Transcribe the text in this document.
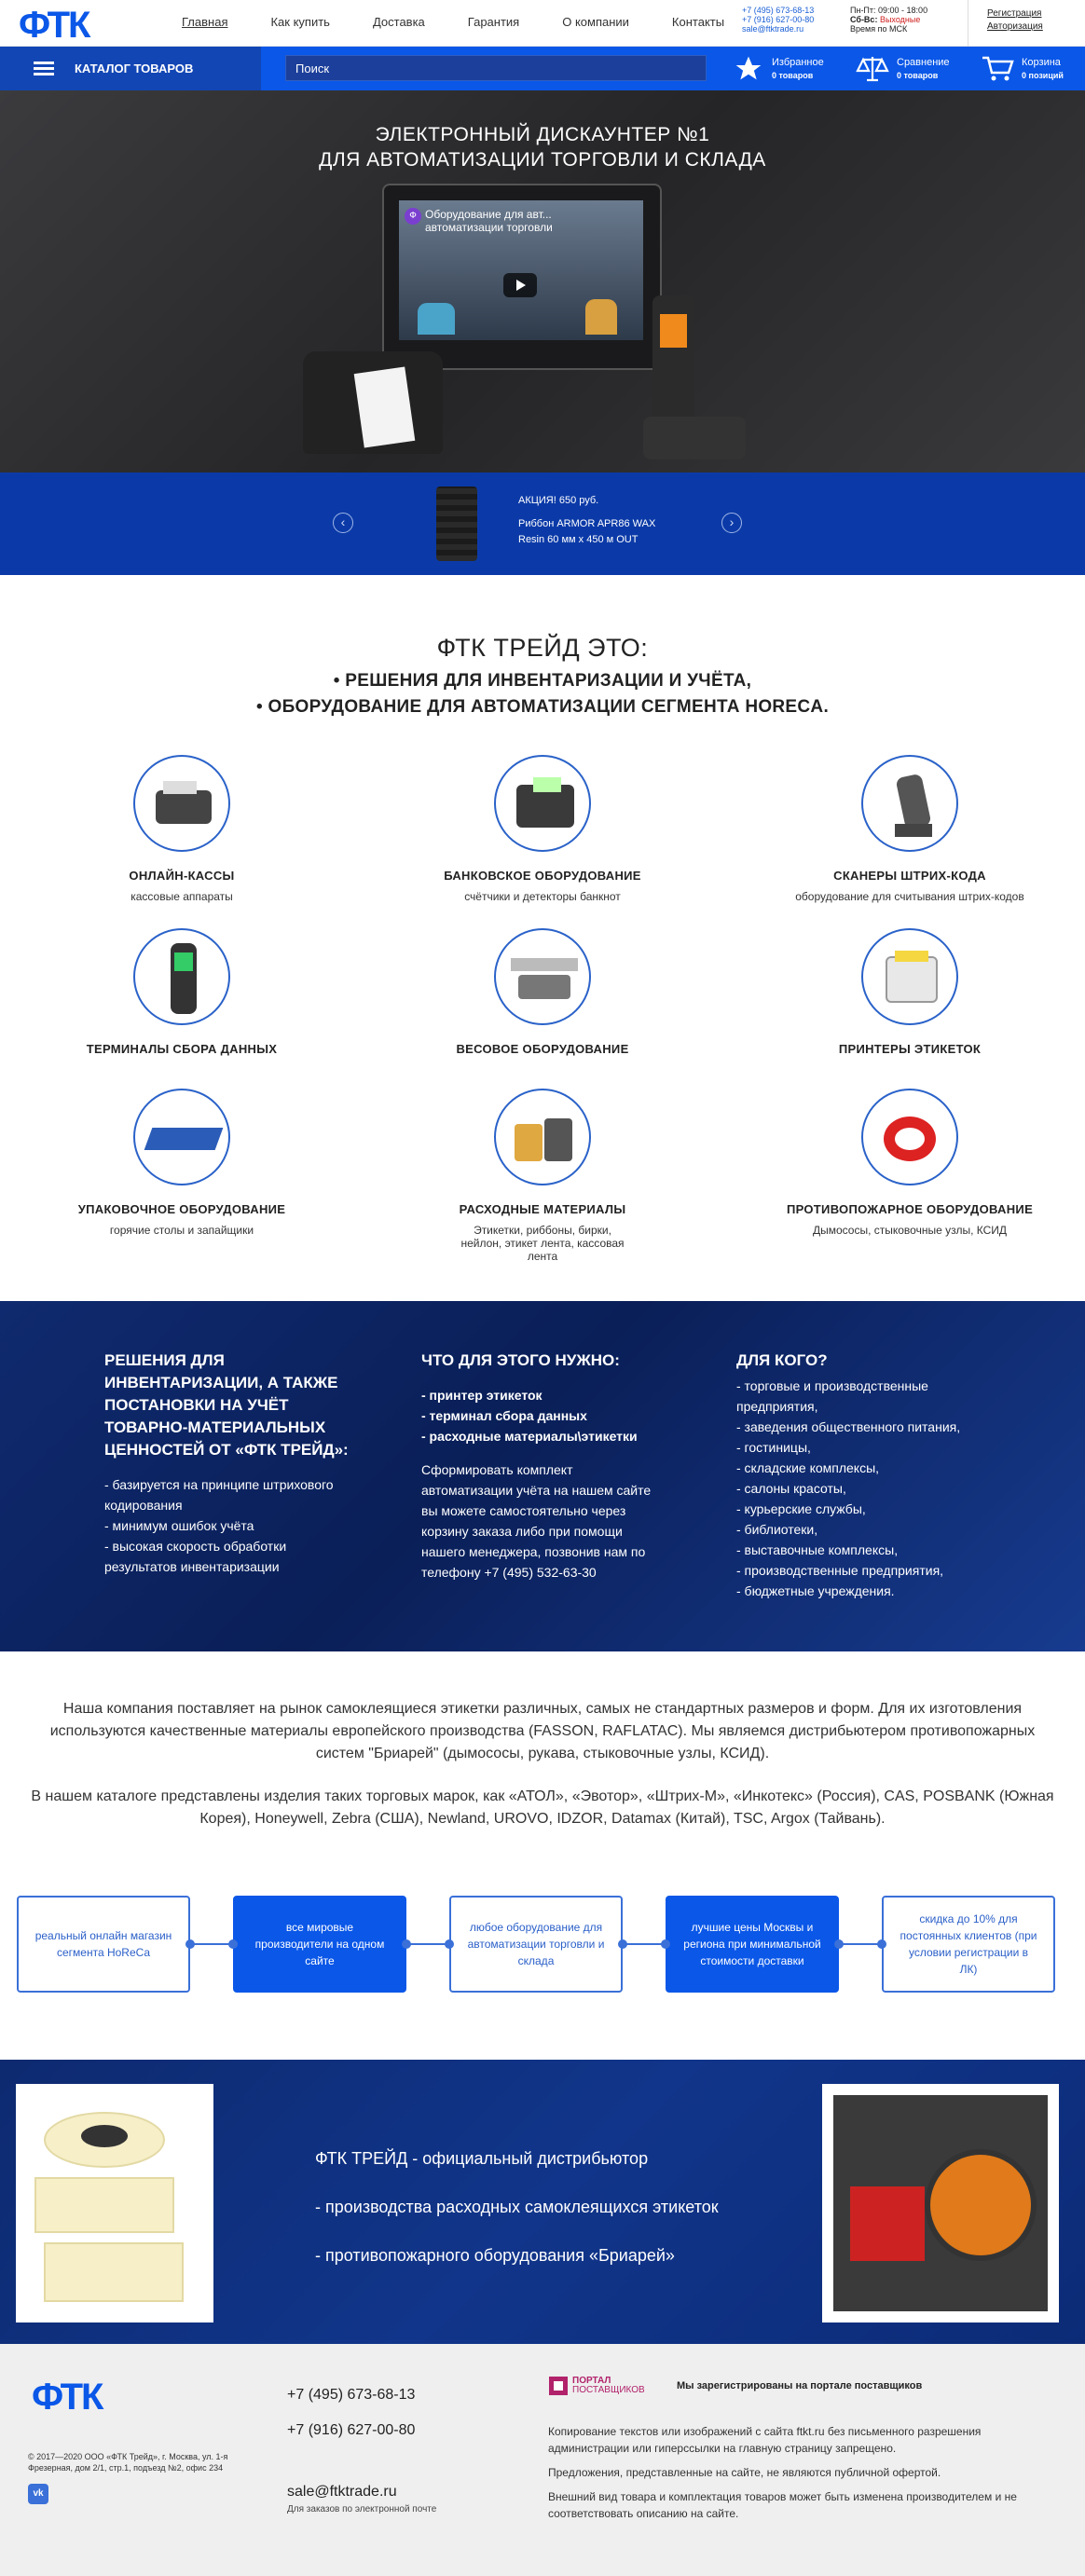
ФТК	Главная	Как купить	Доставка	Гарантия	О компании	Контакты
+7 (495) 673-68-13
+7 (916) 627-00-80
sale@ftktrade.ru
Пн-Пт: 09:00 - 18:00
Сб-Вс: Выходные
Время по МСК
Регистрация
Авторизация
КАТАЛОГ ТОВАРОВ	Поиск	Избранное
0 товаров
Сравнение
0 товаров
Корзина
0 позиций
ЭЛЕКТРОННЫЙ ДИСКАУНТЕР №1
ДЛЯ АВТОМАТИЗАЦИИ ТОРГОВЛИ И СКЛАДА
Ф Оборудование для авт...
автоматизации торговли
‹
АКЦИЯ! 650 руб.
Риббон ARMOR APR86 WAX
Resin 60 мм х 450 м OUT
›
ФТК ТРЕЙД ЭТО:

• РЕШЕНИЯ ДЛЯ ИНВЕНТАРИЗАЦИИ И УЧЁТА,

• ОБОРУДОВАНИЕ ДЛЯ АВТОМАТИЗАЦИИ СЕГМЕНТА HORECA.

ОНЛАЙН-КАССЫ

кассовые аппараты

БАНКОВСКОЕ ОБОРУДОВАНИЕ

счётчики и детекторы банкнот

СКАНЕРЫ ШТРИХ-КОДА

оборудование для считывания штрих-кодов

ТЕРМИНАЛЫ СБОРА ДАННЫХ	ВЕСОВОЕ ОБОРУДОВАНИЕ	ПРИНТЕРЫ ЭТИКЕТОК

УПАКОВОЧНОЕ ОБОРУДОВАНИЕ

горячие столы и запайщики

РАСХОДНЫЕ МАТЕРИАЛЫ

Этикетки, риббоны, бирки, нейлон, этикет лента, кассовая лента

ПРОТИВОПОЖАРНОЕ ОБОРУДОВАНИЕ

Дымососы, стыковочные узлы, КСИД

РЕШЕНИЯ ДЛЯ ИНВЕНТАРИЗАЦИИ, А ТАКЖЕ ПОСТАНОВКИ НА УЧЁТ ТОВАРНО-МАТЕРИАЛЬНЫХ ЦЕННОСТЕЙ ОТ «ФТК ТРЕЙД»:
- базируется на принципе штрихового кодирования
- минимум ошибок учёта
- высокая скорость обработки результатов инвентаризации
ЧТО ДЛЯ ЭТОГО НУЖНО:
- принтер этикеток
- терминал сбора данных
- расходные материалы\этикетки
Сформировать комплект автоматизации учёта на нашем сайте вы можете самостоятельно через корзину заказа либо при помощи нашего менеджера, позвонив нам по телефону +7 (495) 532-63-30
ДЛЯ КОГО?
- торговые и производственные предприятия,
- заведения общественного питания,
- гостиницы,
- складские комплексы,
- салоны красоты,
- курьерские службы,
- библиотеки,
- выставочные комплексы,
- производственные предприятия,
- бюджетные учреждения.

Наша компания поставляет на рынок самоклеящиеся этикетки различных, самых не стандартных размеров и форм. Для их изготовления используются качественные материалы европейского производства (FASSON, RAFLATAC). Мы являемся дистрибьютером противопожарных систем "Бриарей" (дымососы, рукава, стыковочные узлы, КСИД).

В нашем каталоге представлены изделия таких торговых марок, как «АТОЛ», «Эвотор», «Штрих-М», «Инкотекс» (Россия), CAS, POSBANK (Южная Корея), Honeywell, Zebra (США), Newland, UROVO, IDZOR, Datamax (Китай), TSC, Argox (Тайвань).

реальный онлайн магазин сегмента HoReCa
все мировые производители на одном сайте
любое оборудование для автоматизации торговли и склада
лучшие цены Москвы и региона при минимальной стоимости доставки
скидка до 10% для постоянных клиентов (при условии регистрации в ЛК)
ФТК ТРЕЙД - официальный дистрибьютор
- производства расходных самоклеящихся этикеток
- противопожарного оборудования «Бриарей»
ФТК
© 2017—2020 ООО «ФТК Трейд», г. Москва, ул. 1-я Фрезерная, дом 2/1, стр.1, подъезд №2, офис 234
vk
+7 (495) 673-68-13
+7 (916) 627-00-80
sale@ftktrade.ru
Для заказов по электронной почте
ПОРТАЛ
ПОСТАВЩИКОВ	Мы зарегистрированы на портале поставщиков

Копирование текстов или изображений с сайта ftkt.ru без письменного разрешения администрации или гиперссылки на главную страницу запрещено.

Предложения, представленные на сайте, не являются публичной офертой.

Внешний вид товара и комплектация товаров может быть изменена производителем и не соответствовать описанию на сайте.
